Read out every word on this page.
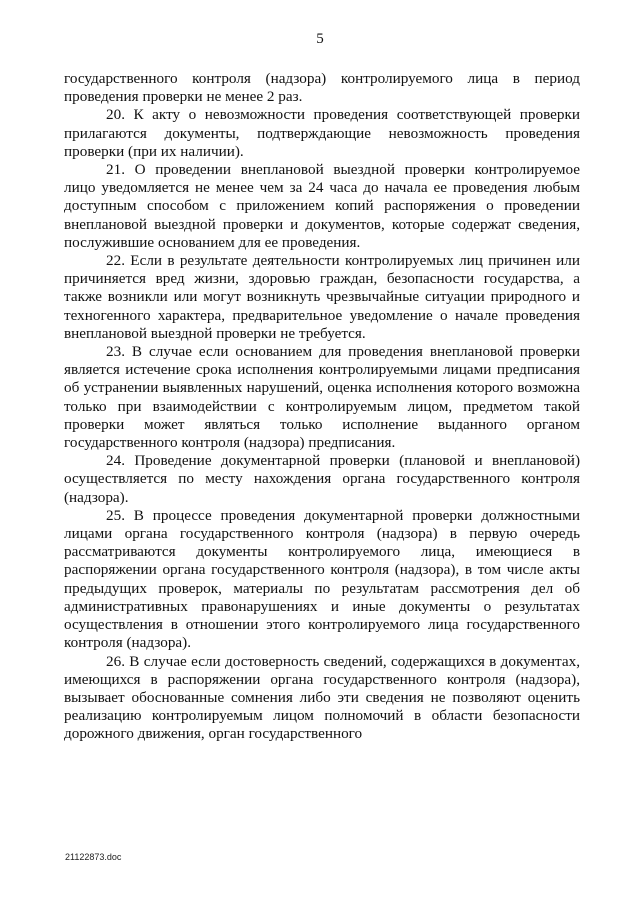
5

государственного контроля (надзора) контролируемого лица в период проведения проверки не менее 2 раз.

20. К акту о невозможности проведения соответствующей проверки прилагаются документы, подтверждающие невозможность проведения проверки (при их наличии).

21. О проведении внеплановой выездной проверки контролируемое лицо уведомляется не менее чем за 24 часа до начала ее проведения любым доступным способом с приложением копий распоряжения о проведении внеплановой выездной проверки и документов, которые содержат сведения, послужившие основанием для ее проведения.

22. Если в результате деятельности контролируемых лиц причинен или причиняется вред жизни, здоровью граждан, безопасности государства, а также возникли или могут возникнуть чрезвычайные ситуации природного и техногенного характера, предварительное уведомление о начале проведения внеплановой выездной проверки не требуется.

23. В случае если основанием для проведения внеплановой проверки является истечение срока исполнения контролируемыми лицами предписания об устранении выявленных нарушений, оценка исполнения которого возможна только при взаимодействии с контролируемым лицом, предметом такой проверки может являться только исполнение выданного органом государственного контроля (надзора) предписания.

24. Проведение документарной проверки (плановой и внеплановой) осуществляется по месту нахождения органа государственного контроля (надзора).

25. В процессе проведения документарной проверки должностными лицами органа государственного контроля (надзора) в первую очередь рассматриваются документы контролируемого лица, имеющиеся в распоряжении органа государственного контроля (надзора), в том числе акты предыдущих проверок, материалы по результатам рассмотрения дел об административных правонарушениях и иные документы о результатах осуществления в отношении этого контролируемого лица государственного контроля (надзора).

26. В случае если достоверность сведений, содержащихся в документах, имеющихся в распоряжении органа государственного контроля (надзора), вызывает обоснованные сомнения либо эти сведения не позволяют оценить реализацию контролируемым лицом полномочий в области безопасности дорожного движения, орган государственного

21122873.doc
